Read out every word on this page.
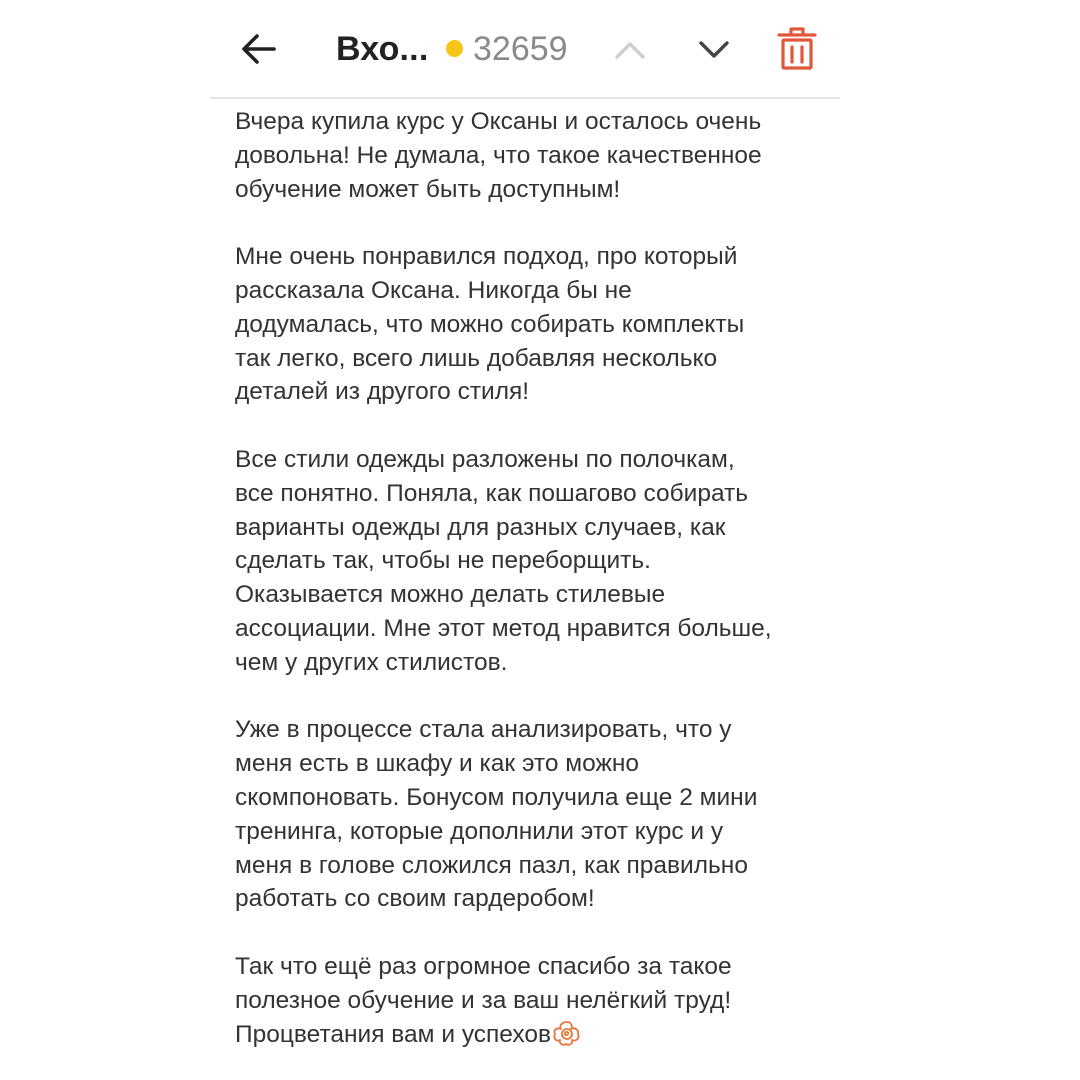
Вхо... 32659

Вчера купила курс у Оксаны и осталось очень
довольна! Не думала, что такое качественное
обучение может быть доступным!

Мне очень понравился подход, про который
рассказала Оксана. Никогда бы не
додумалась, что можно собирать комплекты
так легко, всего лишь добавляя несколько
деталей из другого стиля!

Все стили одежды разложены по полочкам,
все понятно. Поняла, как пошагово собирать
варианты одежды для разных случаев, как
сделать так, чтобы не переборщить.
Оказывается можно делать стилевые
ассоциации. Мне этот метод нравится больше,
чем у других стилистов.

Уже в процессе стала анализировать, что у
меня есть в шкафу и как это можно
скомпоновать. Бонусом получила еще 2 мини
тренинга, которые дополнили этот курс и у
меня в голове сложился пазл, как правильно
работать со своим гардеробом!

Так что ещё раз огромное спасибо за такое
полезное обучение и за ваш нелёгкий труд!
Процветания вам и успехов
